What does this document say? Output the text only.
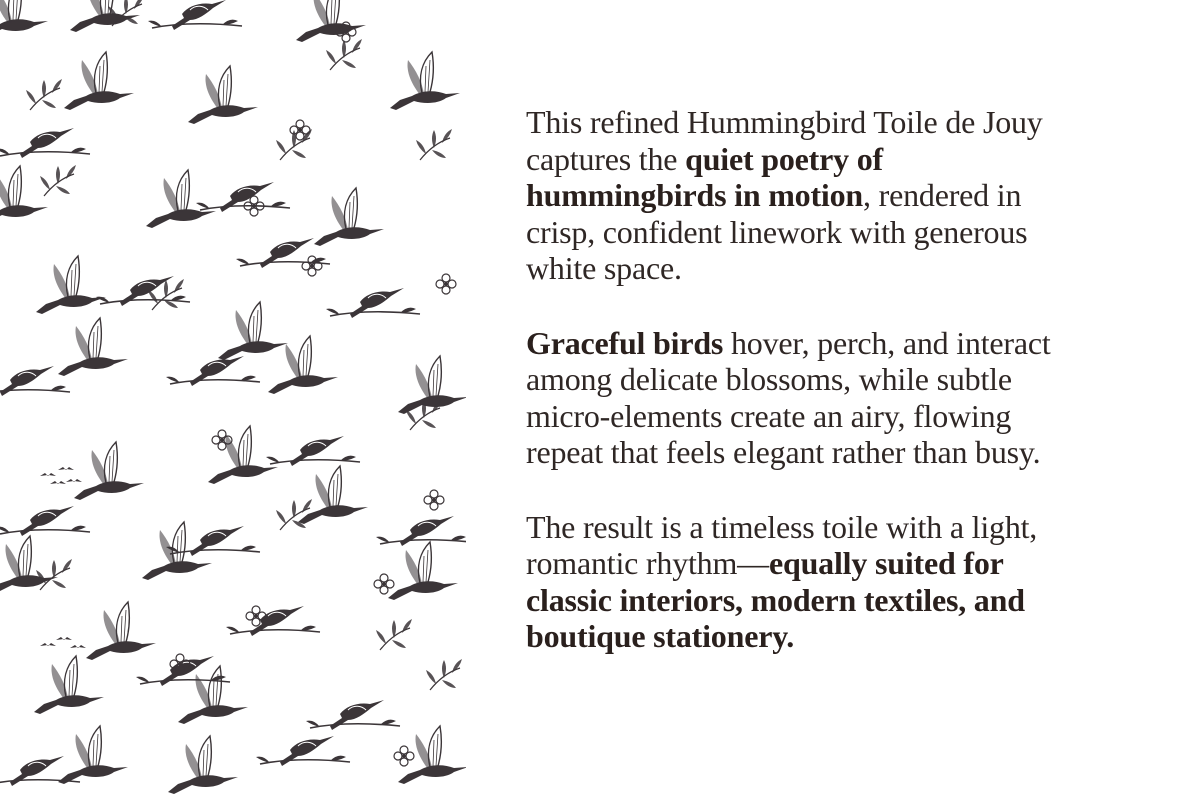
This refined Hummingbird Toile de Jouy captures the quiet poetry of hummingbirds in motion, rendered in crisp, confident linework with generous white space.

Graceful birds hover, perch, and interact among delicate blossoms, while subtle micro-elements create an airy, flowing repeat that feels elegant rather than busy.

The result is a timeless toile with a light, romantic rhythm—equally suited for classic interiors, modern textiles, and boutique stationery.
